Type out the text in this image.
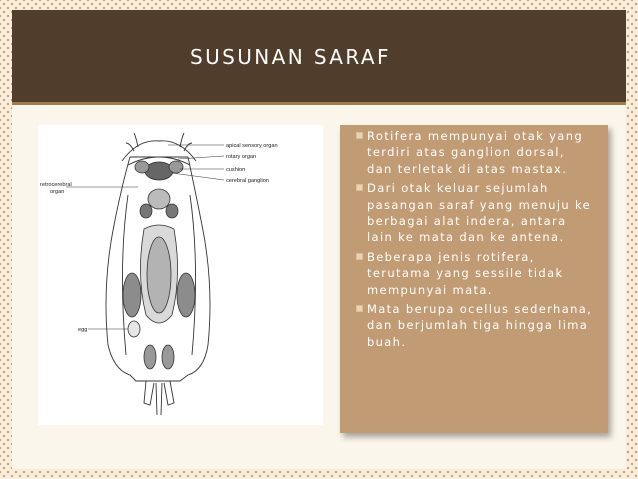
SUSUNAN SARAF
apical sensory organ
rotary organ
cushion
cerebral ganglion
retrocerebral
organ
egg
Rotifera mempunyai otak yang terdiri atas ganglion dorsal, dan terletak di atas mastax.
Dari otak keluar sejumlah pasangan saraf yang menuju ke berbagai alat indera, antara lain ke mata dan ke antena.
Beberapa jenis rotifera, terutama yang sessile tidak mempunyai mata.
Mata berupa ocellus sederhana, dan berjumlah tiga hingga lima buah.
